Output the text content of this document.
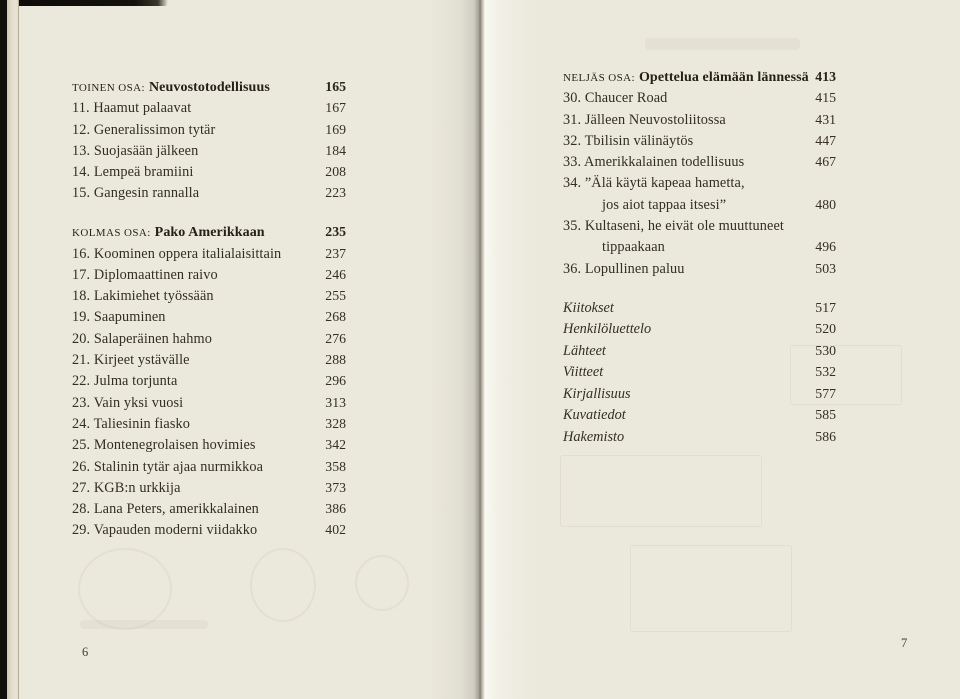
TOINEN OSA: Neuvostotodellisuus	165
11. Haamut palaavat	167
12. Generalissimon tytär	169
13. Suojasään jälkeen	184
14. Lempeä bramiini	208
15. Gangesin rannalla	223
KOLMAS OSA: Pako Amerikkaan	235
16. Koominen oppera italialaisittain	237
17. Diplomaattinen raivo	246
18. Lakimiehet työssään	255
19. Saapuminen	268
20. Salaperäinen hahmo	276
21. Kirjeet ystävälle	288
22. Julma torjunta	296
23. Vain yksi vuosi	313
24. Taliesinin fiasko	328
25. Montenegrolaisen hovimies	342
26. Stalinin tytär ajaa nurmikkoa	358
27. KGB:n urkkija	373
28. Lana Peters, amerikkalainen	386
29. Vapauden moderni viidakko	402
6
NELJÄS OSA: Opettelua elämään lännessä 413
30. Chaucer Road	415
31. Jälleen Neuvostoliitossa	431
32. Tbilisin välinäytös	447
33. Amerikkalainen todellisuus	467
34. ”Älä käytä kapeaa hametta,
jos aiot tappaa itsesi”	480
35. Kultaseni, he eivät ole muuttuneet
tippaakaan	496
36. Lopullinen paluu	503
Kiitokset	517
Henkilöluettelo	520
Lähteet	530
Viitteet	532
Kirjallisuus	577
Kuvatiedot	585
Hakemisto	586
7
